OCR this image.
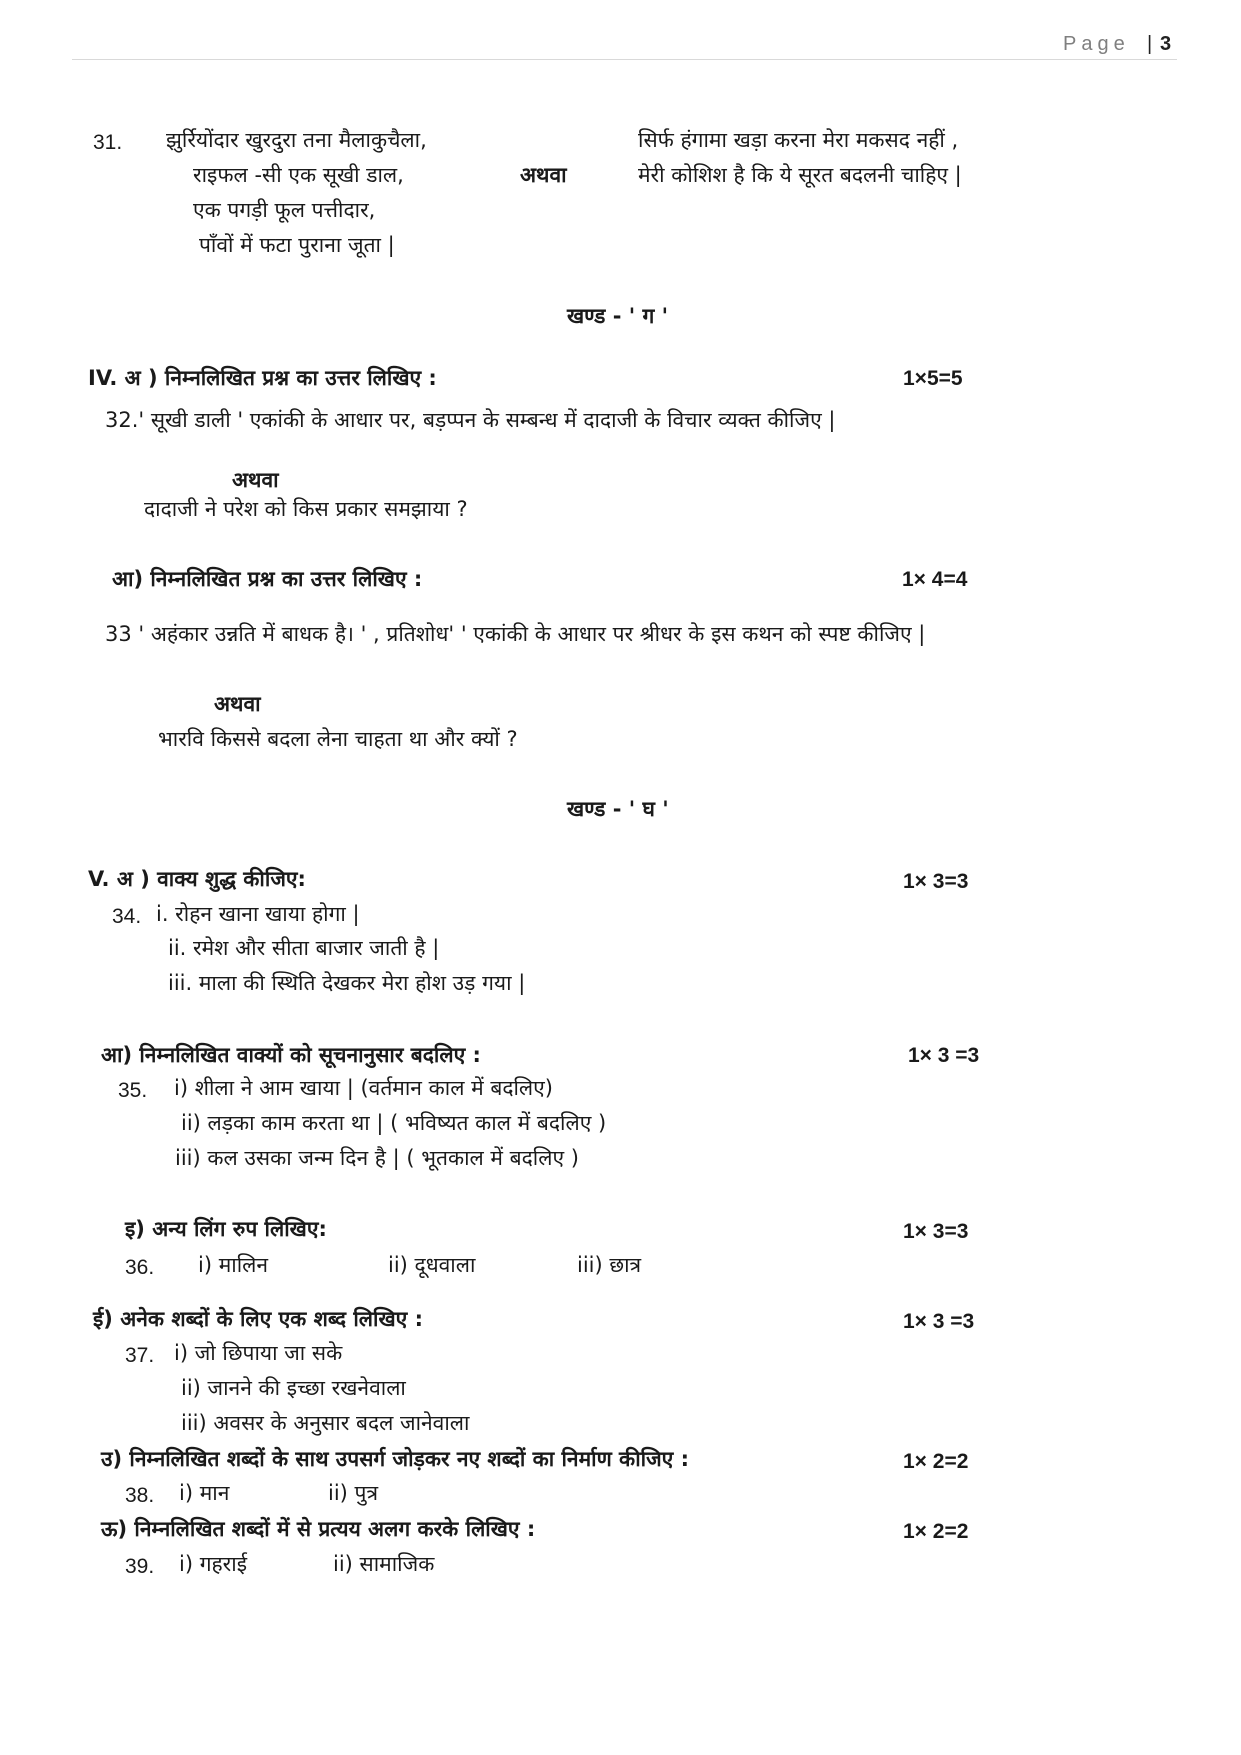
Page | 3
31. झुर्रियोंदार खुरदुरा तना मैलाकुचैला,
राइफल -सी एक सूखी डाल,
एक पगड़ी फूल पत्तीदार,
पाँवों में फटा पुराना जूता |
अथवा
सिर्फ हंगामा खड़ा करना मेरा मकसद नहीं ,
मेरी कोशिश है कि ये सूरत बदलनी चाहिए |
खण्ड - ' ग '
IV. अ ) निम्नलिखित प्रश्न का उत्तर लिखिए :	1×5=5
32.' सूखी डाली ' एकांकी के आधार पर, बड़प्पन के सम्बन्ध में दादाजी के विचार व्यक्त कीजिए |
अथवा
दादाजी ने परेश को किस प्रकार समझाया ?
आ) निम्नलिखित प्रश्न का उत्तर लिखिए :	1× 4=4
33 ' अहंकार उन्नति में बाधक है। ' , प्रतिशोध' ' एकांकी के आधार पर श्रीधर के इस कथन को स्पष्ट कीजिए |
अथवा
भारवि किससे बदला लेना चाहता था और क्यों ?
खण्ड - ' घ '
V. अ ) वाक्य शुद्ध कीजिए:	1× 3=3
34. i. रोहन खाना खाया होगा |
ii. रमेश और सीता बाजार जाती है |
iii. माला की स्थिति देखकर मेरा होश उड़ गया |
आ) निम्नलिखित वाक्यों को सूचनानुसार बदलिए :	1× 3 =3
35. i) शीला ने आम खाया | (वर्तमान काल में बदलिए)
ii) लड़का काम करता था | ( भविष्यत काल में बदलिए )
iii) कल उसका जन्म दिन है | ( भूतकाल में बदलिए )
इ) अन्य लिंग रुप लिखिए:	1× 3=3
36. i) मालिन	ii) दूधवाला	iii) छात्र
ई) अनेक शब्दों के लिए एक शब्द लिखिए :	1× 3 =3
37. i) जो छिपाया जा सके
ii) जानने की इच्छा रखनेवाला
iii) अवसर के अनुसार बदल जानेवाला
उ) निम्नलिखित शब्दों के साथ उपसर्ग जोड़कर नए शब्दों का निर्माण कीजिए :	1× 2=2
38. i) मान	ii) पुत्र
ऊ) निम्नलिखित शब्दों में से प्रत्यय अलग करके लिखिए :	1× 2=2
39. i) गहराई	ii) सामाजिक
